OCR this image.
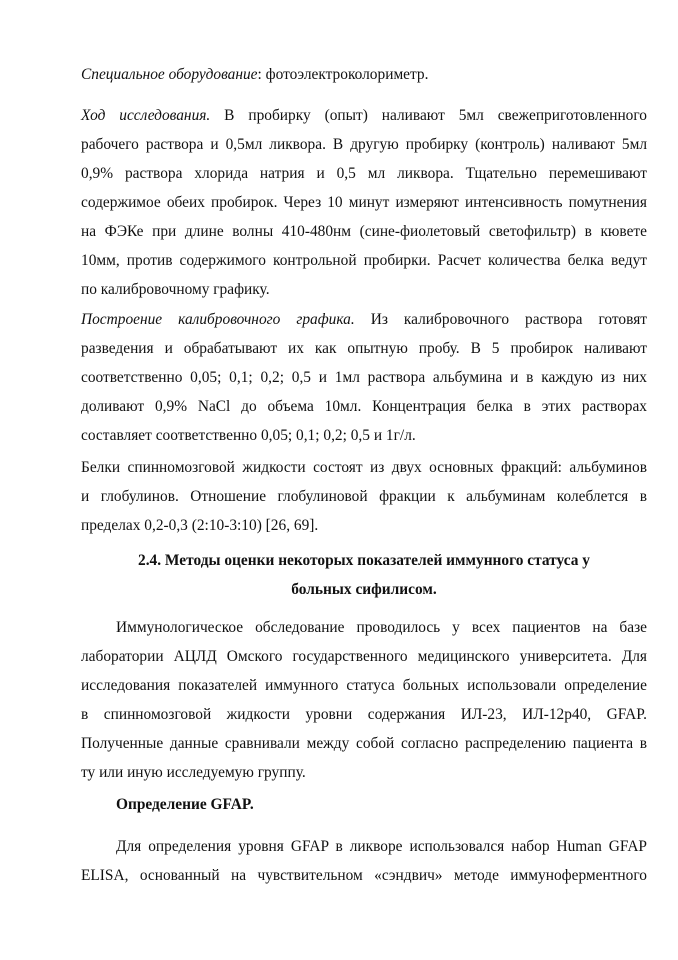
Специальное оборудование: фотоэлектроколориметр.

Ход исследования. В пробирку (опыт) наливают 5мл свежеприготовленного
рабочего раствора и 0,5мл ликвора. В другую пробирку (контроль) наливают 5мл
0,9% раствора хлорида натрия и 0,5 мл ликвора. Тщательно перемешивают
содержимое обеих пробирок. Через 10 минут измеряют интенсивность помутнения
на ФЭКе при длине волны 410-480нм (сине-фиолетовый светофильтр) в кювете
10мм, против содержимого контрольной пробирки. Расчет количества белка ведут
по калибровочному графику.
Построение калибровочного графика. Из калибровочного раствора готовят
разведения и обрабатывают их как опытную пробу. В 5 пробирок наливают
соответственно 0,05; 0,1; 0,2; 0,5 и 1мл раствора альбумина и в каждую из них
доливают 0,9% NaCl до объема 10мл. Концентрация белка в этих растворах
составляет соответственно 0,05; 0,1; 0,2; 0,5 и 1г/л.
Белки спинномозговой жидкости состоят из двух основных фракций: альбуминов
и глобулинов. Отношение глобулиновой фракции к альбуминам колеблется в
пределах 0,2-0,3 (2:10-3:10) [26, 69].
2.4. Методы оценки некоторых показателей иммунного статуса у
больных сифилисом.
Иммунологическое обследование проводилось у всех пациентов на базе
лаборатории АЦЛД Омского государственного медицинского университета. Для
исследования показателей иммунного статуса больных использовали определение
в спинномозговой жидкости уровни содержания ИЛ-23, ИЛ-12p40, GFAP.
Полученные данные сравнивали между собой согласно распределению пациента в
ту или иную исследуемую группу.
Определение GFAP.
Для определения уровня GFAP в ликворе использовался набор Human GFAP
ELISA, основанный на чувствительном «сэндвич» методе иммуноферментного
